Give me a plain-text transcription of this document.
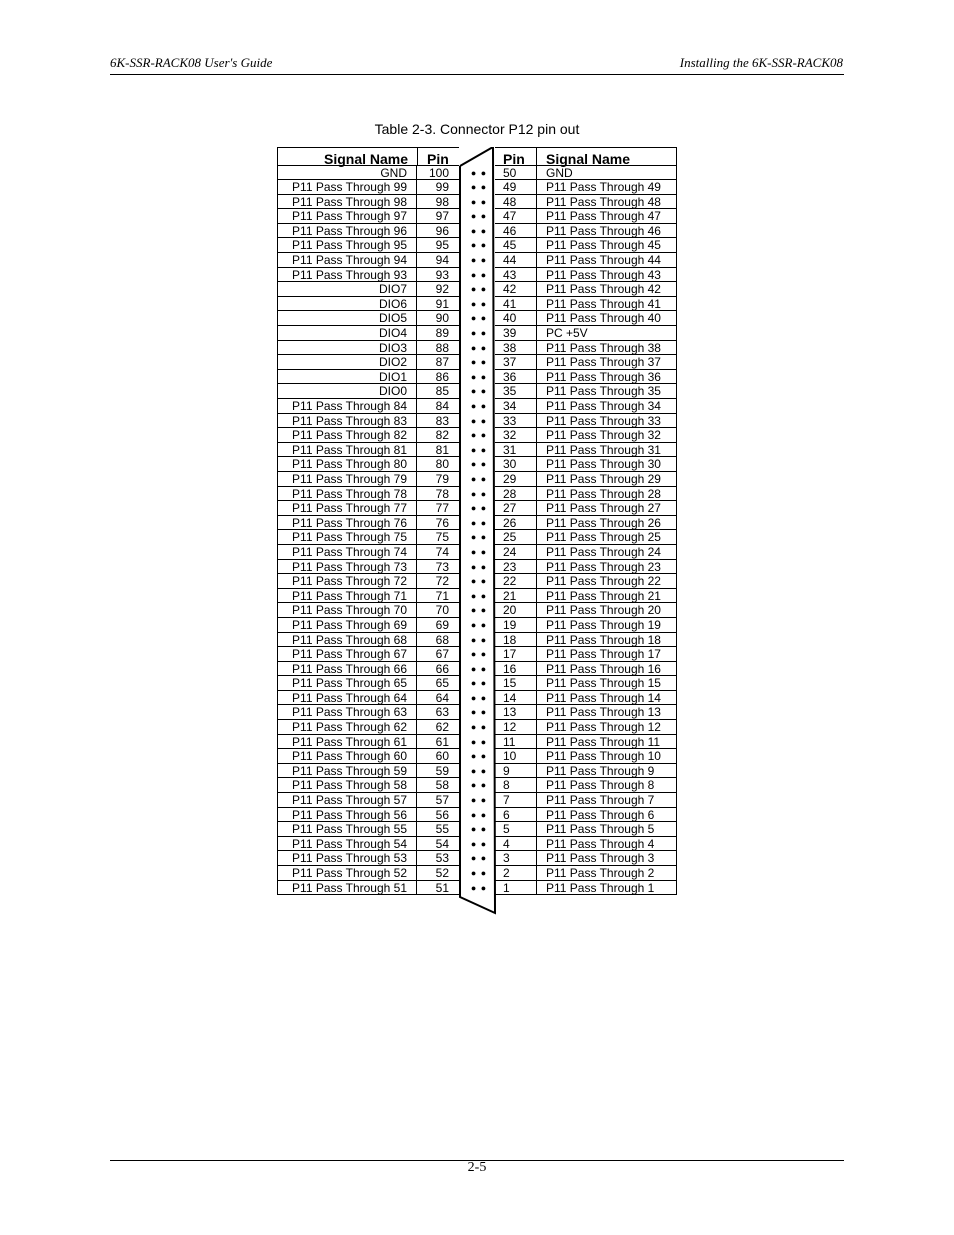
6K-SSR-RACK08 User's Guide	Installing the 6K-SSR-RACK08
Table 2-3. Connector P12 pin out
Signal Name Pin	Pin Signal Name
GND	100	● ●	50	GND
P11 Pass Through 99	99	● ●	49	P11 Pass Through 49
P11 Pass Through 98	98	● ●	48	P11 Pass Through 48
P11 Pass Through 97	97	● ●	47	P11 Pass Through 47
P11 Pass Through 96	96	● ●	46	P11 Pass Through 46
P11 Pass Through 95	95	● ●	45	P11 Pass Through 45
P11 Pass Through 94	94	● ●	44	P11 Pass Through 44
P11 Pass Through 93	93	● ●	43	P11 Pass Through 43
DIO7	92	● ●	42	P11 Pass Through 42
DIO6	91	● ●	41	P11 Pass Through 41
DIO5	90	● ●	40	P11 Pass Through 40
DIO4	89	● ●	39	PC +5V
DIO3	88	● ●	38	P11 Pass Through 38
DIO2	87	● ●	37	P11 Pass Through 37
DIO1	86	● ●	36	P11 Pass Through 36
DIO0	85	● ●	35	P11 Pass Through 35
P11 Pass Through 84	84	● ●	34	P11 Pass Through 34
P11 Pass Through 83	83	● ●	33	P11 Pass Through 33
P11 Pass Through 82	82	● ●	32	P11 Pass Through 32
P11 Pass Through 81	81	● ●	31	P11 Pass Through 31
P11 Pass Through 80	80	● ●	30	P11 Pass Through 30
P11 Pass Through 79	79	● ●	29	P11 Pass Through 29
P11 Pass Through 78	78	● ●	28	P11 Pass Through 28
P11 Pass Through 77	77	● ●	27	P11 Pass Through 27
P11 Pass Through 76	76	● ●	26	P11 Pass Through 26
P11 Pass Through 75	75	● ●	25	P11 Pass Through 25
P11 Pass Through 74	74	● ●	24	P11 Pass Through 24
P11 Pass Through 73	73	● ●	23	P11 Pass Through 23
P11 Pass Through 72	72	● ●	22	P11 Pass Through 22
P11 Pass Through 71	71	● ●	21	P11 Pass Through 21
P11 Pass Through 70	70	● ●	20	P11 Pass Through 20
P11 Pass Through 69	69	● ●	19	P11 Pass Through 19
P11 Pass Through 68	68	● ●	18	P11 Pass Through 18
P11 Pass Through 67	67	● ●	17	P11 Pass Through 17
P11 Pass Through 66	66	● ●	16	P11 Pass Through 16
P11 Pass Through 65	65	● ●	15	P11 Pass Through 15
P11 Pass Through 64	64	● ●	14	P11 Pass Through 14
P11 Pass Through 63	63	● ●	13	P11 Pass Through 13
P11 Pass Through 62	62	● ●	12	P11 Pass Through 12
P11 Pass Through 61	61	● ●	11	P11 Pass Through 11
P11 Pass Through 60	60	● ●	10	P11 Pass Through 10
P11 Pass Through 59	59	● ●	9	P11 Pass Through 9
P11 Pass Through 58	58	● ●	8	P11 Pass Through 8
P11 Pass Through 57	57	● ●	7	P11 Pass Through 7
P11 Pass Through 56	56	● ●	6	P11 Pass Through 6
P11 Pass Through 55	55	● ●	5	P11 Pass Through 5
P11 Pass Through 54	54	● ●	4	P11 Pass Through 4
P11 Pass Through 53	53	● ●	3	P11 Pass Through 3
P11 Pass Through 52	52	● ●	2	P11 Pass Through 2
P11 Pass Through 51	51	● ●	1	P11 Pass Through 1
2-5
